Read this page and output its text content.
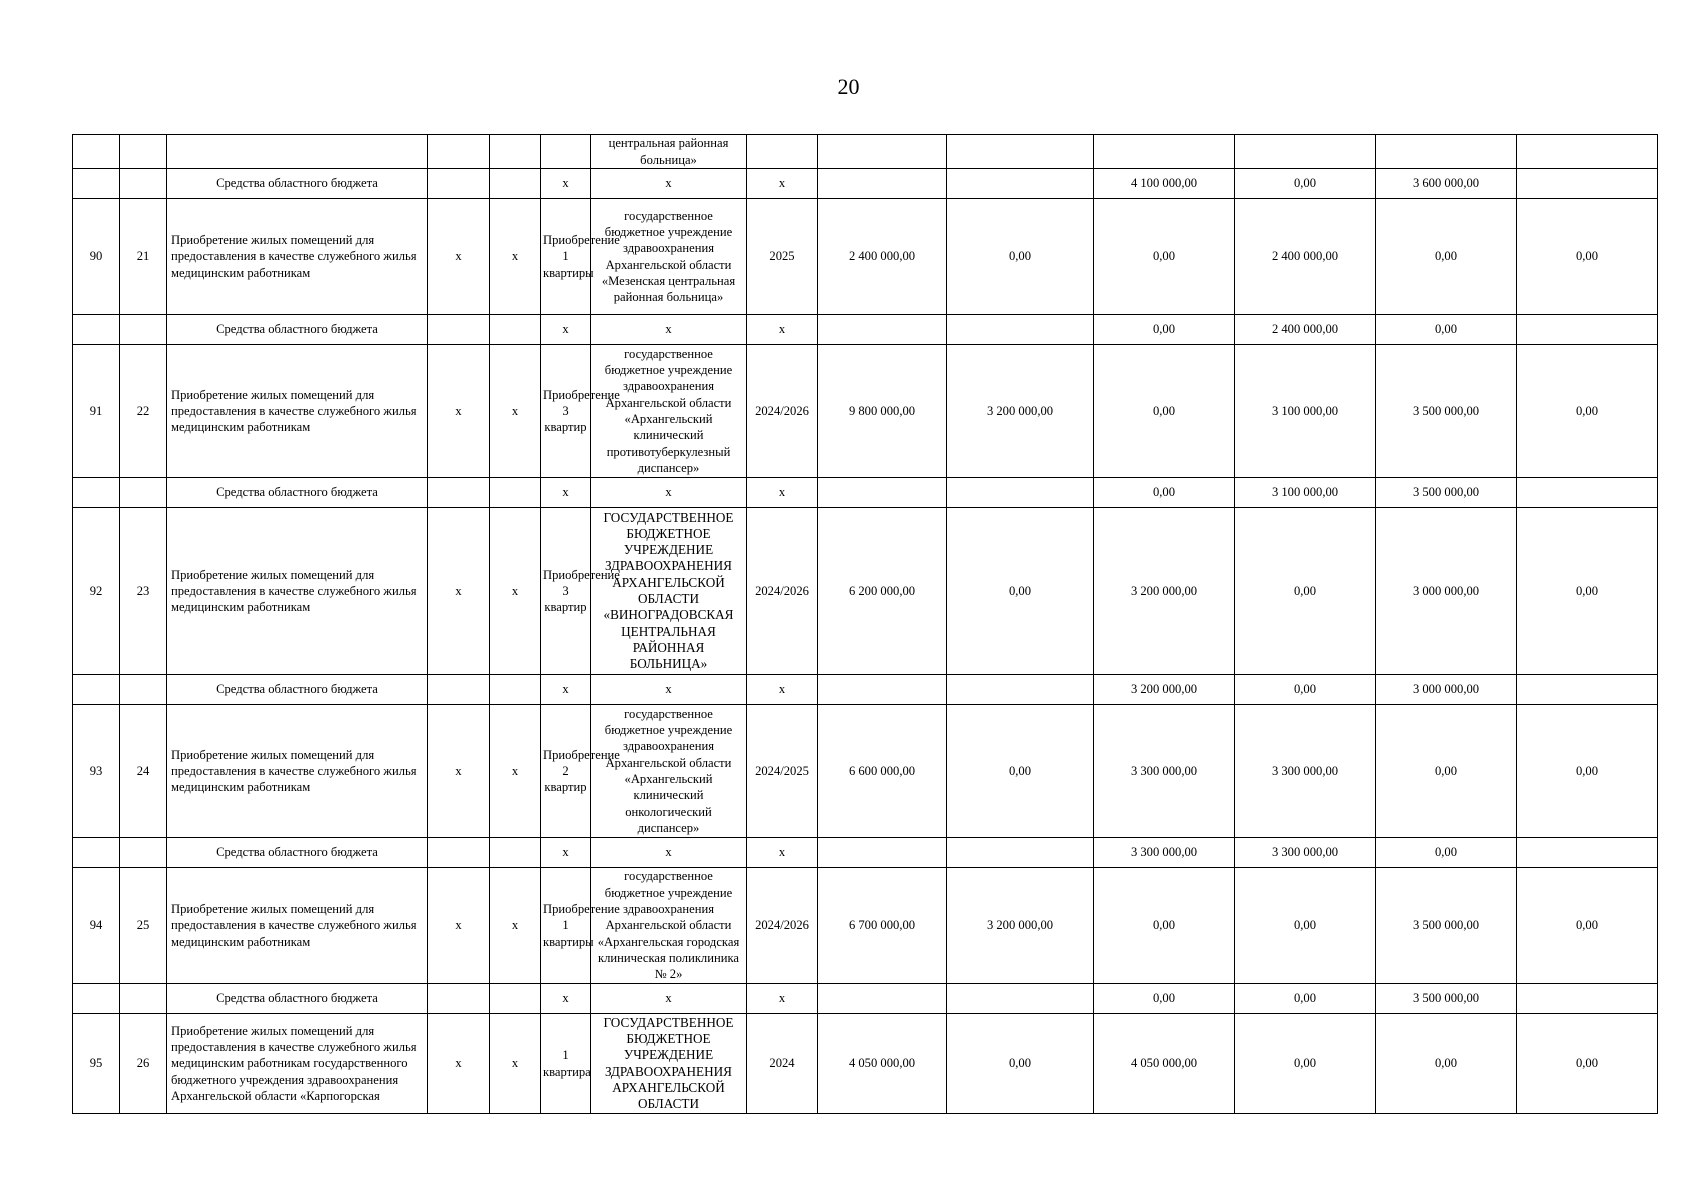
20
						центральная районная больница»							
		Средства областного бюджета			х	х	х			4 100 000,00	0,00	3 600 000,00	
90	21	Приобретение жилых помещений для предоставления в качестве служебного жилья медицинским работникам	х	х	Приобретение 1 квартиры	государственное бюджетное учреждение здравоохранения Архангельской области «Мезенская центральная районная больница»	2025	2 400 000,00	0,00	0,00	2 400 000,00	0,00	0,00
		Средства областного бюджета			х	х	х			0,00	2 400 000,00	0,00	
91	22	Приобретение жилых помещений для предоставления в качестве служебного жилья медицинским работникам	х	х	Приобретение 3 квартир	государственное бюджетное учреждение здравоохранения Архангельской области «Архангельский клинический противотуберкулезный диспансер»	2024/2026	9 800 000,00	3 200 000,00	0,00	3 100 000,00	3 500 000,00	0,00
		Средства областного бюджета			х	х	х			0,00	3 100 000,00	3 500 000,00	
92	23	Приобретение жилых помещений для предоставления в качестве служебного жилья медицинским работникам	х	х	Приобретение 3 квартир	ГОСУДАРСТВЕННОЕ БЮДЖЕТНОЕ УЧРЕЖДЕНИЕ ЗДРАВООХРАНЕНИЯ АРХАНГЕЛЬСКОЙ ОБЛАСТИ «ВИНОГРАДОВСКАЯ ЦЕНТРАЛЬНАЯ РАЙОННАЯ БОЛЬНИЦА»	2024/2026	6 200 000,00	0,00	3 200 000,00	0,00	3 000 000,00	0,00
		Средства областного бюджета			х	х	х			3 200 000,00	0,00	3 000 000,00	
93	24	Приобретение жилых помещений для предоставления в качестве служебного жилья медицинским работникам	х	х	Приобретение 2 квартир	государственное бюджетное учреждение здравоохранения Архангельской области «Архангельский клинический онкологический диспансер»	2024/2025	6 600 000,00	0,00	3 300 000,00	3 300 000,00	0,00	0,00
		Средства областного бюджета			х	х	х			3 300 000,00	3 300 000,00	0,00	
94	25	Приобретение жилых помещений для предоставления в качестве служебного жилья медицинским работникам	х	х	Приобретение 1 квартиры	государственное бюджетное учреждение здравоохранения Архангельской области «Архангельская городская клиническая поликлиника № 2»	2024/2026	6 700 000,00	3 200 000,00	0,00	0,00	3 500 000,00	0,00
		Средства областного бюджета			х	х	х			0,00	0,00	3 500 000,00	
95	26	Приобретение жилых помещений для предоставления в качестве служебного жилья медицинским работникам государственного бюджетного учреждения здравоохранения Архангельской области «Карпогорская	х	х	1 квартира	ГОСУДАРСТВЕННОЕ БЮДЖЕТНОЕ УЧРЕЖДЕНИЕ ЗДРАВООХРАНЕНИЯ АРХАНГЕЛЬСКОЙ ОБЛАСТИ	2024	4 050 000,00	0,00	4 050 000,00	0,00	0,00	0,00
